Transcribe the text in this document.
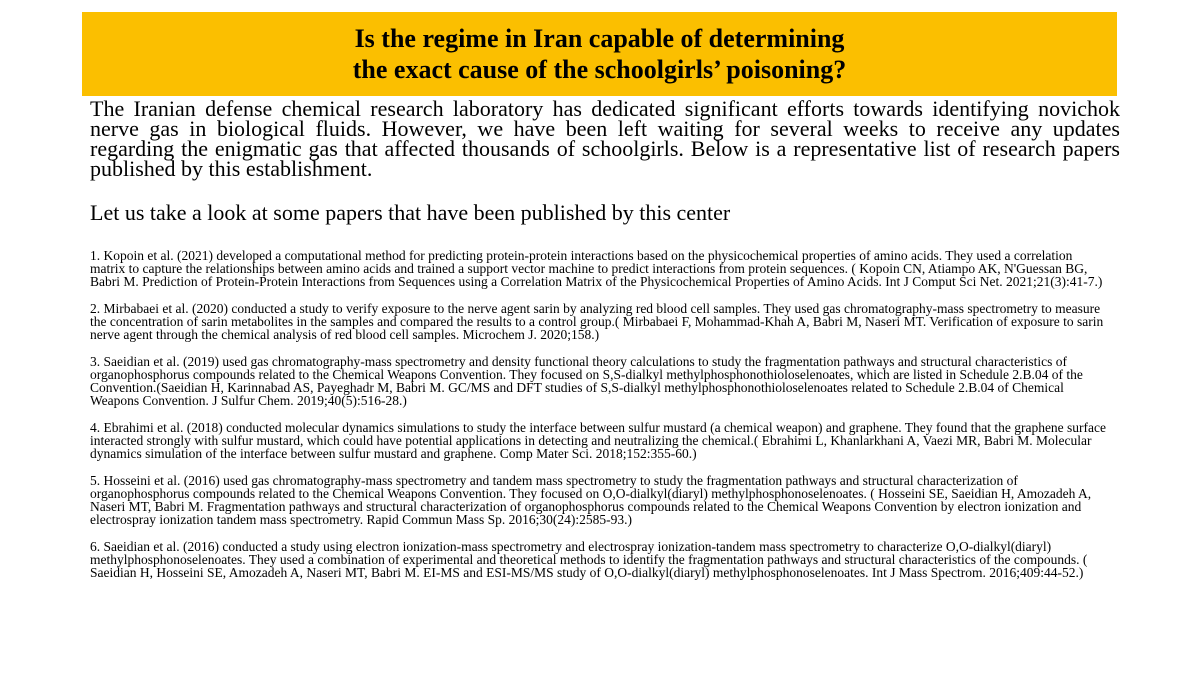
Is the regime in Iran capable of determining
the exact cause of the schoolgirls’ poisoning?
The Iranian defense chemical research laboratory has dedicated significant efforts towards identifying novichok nerve gas in biological fluids. However, we have been left waiting for several weeks to receive any updates regarding the enigmatic gas that affected thousands of schoolgirls. Below is a representative list of research papers published by this establishment.
Let us take a look at some papers that have been published by this center

1. Kopoin et al. (2021) developed a computational method for predicting protein-protein interactions based on the physicochemical properties of amino acids. They used a correlation matrix to capture the relationships between amino acids and trained a support vector machine to predict interactions from protein sequences. ( Kopoin CN, Atiampo AK, N'Guessan BG, Babri M. Prediction of Protein-Protein Interactions from Sequences using a Correlation Matrix of the Physicochemical Properties of Amino Acids. Int J Comput Sci Net. 2021;21(3):41-7.)

2. Mirbabaei et al. (2020) conducted a study to verify exposure to the nerve agent sarin by analyzing red blood cell samples. They used gas chromatography-mass spectrometry to measure the concentration of sarin metabolites in the samples and compared the results to a control group.( Mirbabaei F, Mohammad-Khah A, Babri M, Naseri MT. Verification of exposure to sarin nerve agent through the chemical analysis of red blood cell samples. Microchem J. 2020;158.)

3. Saeidian et al. (2019) used gas chromatography-mass spectrometry and density functional theory calculations to study the fragmentation pathways and structural characteristics of organophosphorus compounds related to the Chemical Weapons Convention. They focused on S,S-dialkyl methylphosphonothioloselenoates, which are listed in Schedule 2.B.04 of the Convention.(Saeidian H, Karinnabad AS, Payeghadr M, Babri M. GC/MS and DFT studies of S,S-dialkyl methylphosphonothioloselenoates related to Schedule 2.B.04 of Chemical Weapons Convention. J Sulfur Chem. 2019;40(5):516-28.)

4. Ebrahimi et al. (2018) conducted molecular dynamics simulations to study the interface between sulfur mustard (a chemical weapon) and graphene. They found that the graphene surface interacted strongly with sulfur mustard, which could have potential applications in detecting and neutralizing the chemical.( Ebrahimi L, Khanlarkhani A, Vaezi MR, Babri M. Molecular dynamics simulation of the interface between sulfur mustard and graphene. Comp Mater Sci. 2018;152:355-60.)

5. Hosseini et al. (2016) used gas chromatography-mass spectrometry and tandem mass spectrometry to study the fragmentation pathways and structural characterization of organophosphorus compounds related to the Chemical Weapons Convention. They focused on O,O-dialkyl(diaryl) methylphosphonoselenoates. ( Hosseini SE, Saeidian H, Amozadeh A, Naseri MT, Babri M. Fragmentation pathways and structural characterization of organophosphorus compounds related to the Chemical Weapons Convention by electron ionization and electrospray ionization tandem mass spectrometry. Rapid Commun Mass Sp. 2016;30(24):2585-93.)

6. Saeidian et al. (2016) conducted a study using electron ionization-mass spectrometry and electrospray ionization-tandem mass spectrometry to characterize O,O-dialkyl(diaryl) methylphosphonoselenoates. They used a combination of experimental and theoretical methods to identify the fragmentation pathways and structural characteristics of the compounds. ( Saeidian H, Hosseini SE, Amozadeh A, Naseri MT, Babri M. EI-MS and ESI-MS/MS study of O,O-dialkyl(diaryl) methylphosphonoselenoates. Int J Mass Spectrom. 2016;409:44-52.)
